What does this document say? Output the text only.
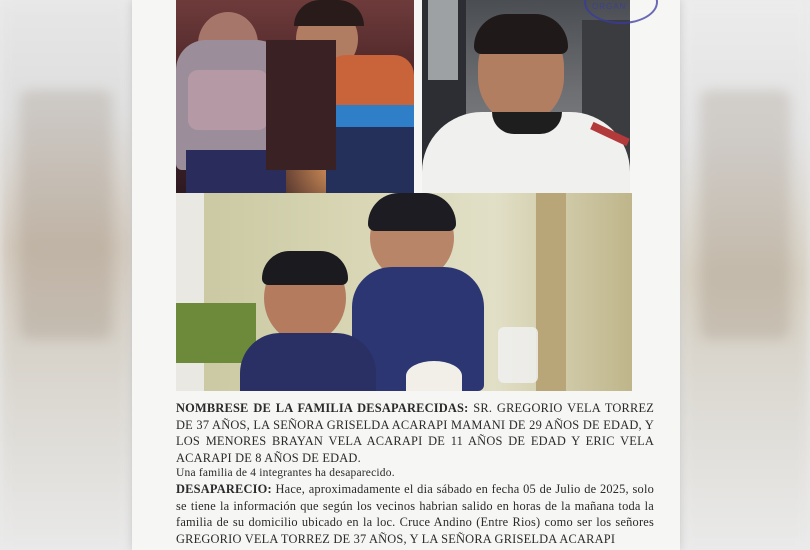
ORGAN

NOMBRESE DE LA FAMILIA DESAPARECIDAS: SR. GREGORIO VELA TORREZ DE 37 AÑOS, LA SEÑORA GRISELDA ACARAPI MAMANI DE 29 AÑOS DE EDAD, Y LOS MENORES BRAYAN VELA ACARAPI DE 11 AÑOS DE EDAD Y ERIC VELA ACARAPI DE 8 AÑOS DE EDAD.

Una familia de 4 integrantes ha desaparecido.

DESAPARECIO: Hace, aproximadamente el dia sábado en fecha 05 de Julio de 2025, solo se tiene la información que según los vecinos habrian salido en horas de la mañana toda la familia de su domicilio ubicado en la loc. Cruce Andino (Entre Rios) como ser los señores GREGORIO VELA TORREZ DE 37 AÑOS, Y LA SEÑORA GRISELDA ACARAPI
